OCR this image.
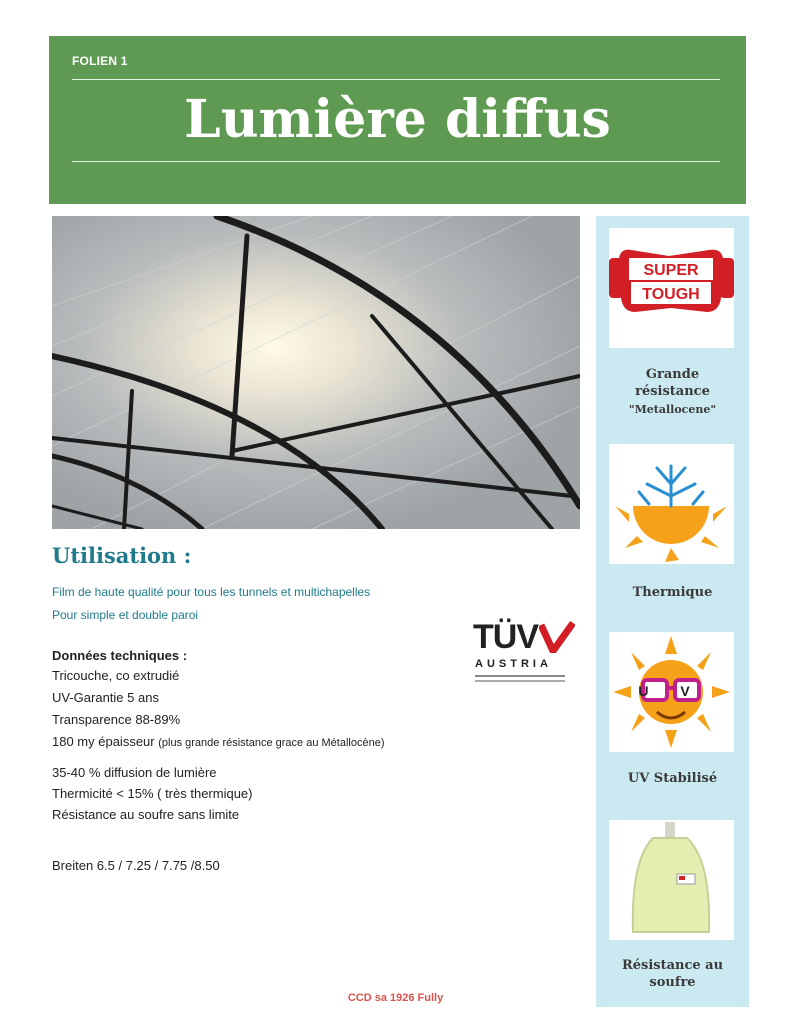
FOLIEN 1
Lumière diffus
Utilisation :
Film de haute qualité pour tous les tunnels et multichapelles
Pour simple et double paroi
Données techniques :
Tricouche, co extrudié
UV-Garantie 5 ans
Transparence 88-89%
180 my épaisseur (plus grande résistance grace au Métallocène)
35-40 % diffusion de lumière
Thermicité < 15% ( très thermique)
Résistance au soufre sans limite
Breiten 6.5 / 7.25 / 7.75 /8.50
TÜV
AUSTRIA
SUPER
TOUGH
Grande
résistance
"Metallocene"
Thermique
U V
UV Stabilisé
Résistance au
soufre
CCD sa 1926 Fully
